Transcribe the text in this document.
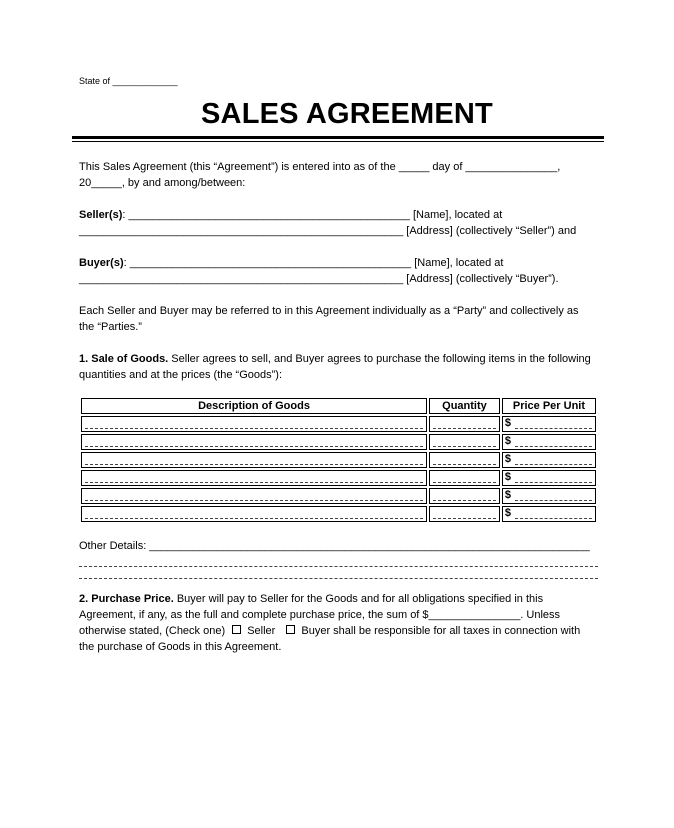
State of _____________
SALES AGREEMENT
This Sales Agreement (this “Agreement”) is entered into as of the _____ day of _______________,
20_____, by and among/between:
Seller(s): ______________________________________________ [Name], located at
_____________________________________________________ [Address] (collectively “Seller”) and
Buyer(s): ______________________________________________ [Name], located at
_____________________________________________________ [Address] (collectively “Buyer”).
Each Seller and Buyer may be referred to in this Agreement individually as a “Party” and collectively as
the “Parties.”
1. Sale of Goods. Seller agrees to sell, and Buyer agrees to purchase the following items in the following
quantities and at the prices (the “Goods”):
Description of Goods	Quantity	Price Per Unit

		$

		$

		$

		$

		$

		$
Other Details: ________________________________________________________________________
2. Purchase Price. Buyer will pay to Seller for the Goods and for all obligations specified in this
Agreement, if any, as the full and complete purchase price, the sum of $_______________. Unless
otherwise stated, (Check one) Seller Buyer shall be responsible for all taxes in connection with
the purchase of Goods in this Agreement.
